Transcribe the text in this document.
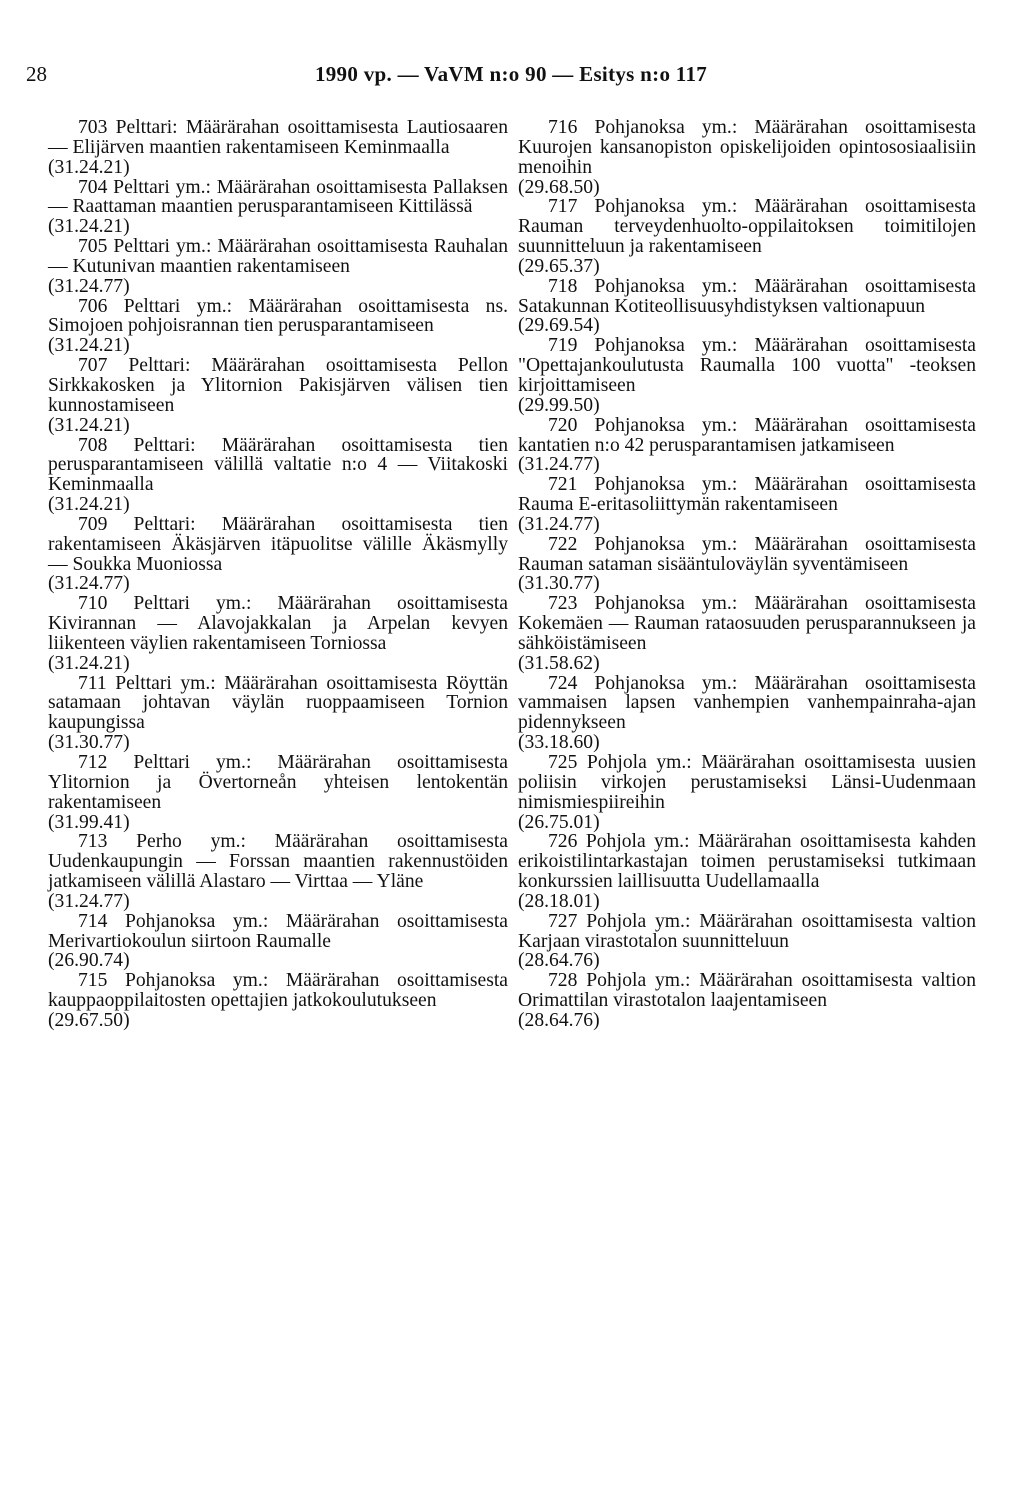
28	1990 vp. — VaVM n:o 90 — Esitys n:o 117

703 Pelttari: Määrärahan osoittamisesta Lautiosaaren — Elijärven maantien rakentamiseen Keminmaalla

(31.24.21)

704 Pelttari ym.: Määrärahan osoittamisesta Pallaksen — Raattaman maantien perusparantamiseen Kittilässä

(31.24.21)

705 Pelttari ym.: Määrärahan osoittamisesta Rauhalan — Kutunivan maantien rakentamiseen

(31.24.77)

706 Pelttari ym.: Määrärahan osoittamisesta ns. Simojoen pohjoisrannan tien perusparantamiseen

(31.24.21)

707 Pelttari: Määrärahan osoittamisesta Pellon Sirkkakosken ja Ylitornion Pakisjärven välisen tien kunnostamiseen

(31.24.21)

708 Pelttari: Määrärahan osoittamisesta tien perusparantamiseen välillä valtatie n:o 4 — Viitakoski Keminmaalla

(31.24.21)

709 Pelttari: Määrärahan osoittamisesta tien rakentamiseen Äkäsjärven itäpuolitse välille Äkäsmylly — Soukka Muoniossa

(31.24.77)

710 Pelttari ym.: Määrärahan osoittamisesta Kivirannan — Alavojakkalan ja Arpelan kevyen liikenteen väylien rakentamiseen Torniossa

(31.24.21)

711 Pelttari ym.: Määrärahan osoittamisesta Röyttän satamaan johtavan väylän ruoppaamiseen Tornion kaupungissa

(31.30.77)

712 Pelttari ym.: Määrärahan osoittamisesta Ylitornion ja Övertorneån yhteisen lentokentän rakentamiseen

(31.99.41)

713 Perho ym.: Määrärahan osoittamisesta Uudenkaupungin — Forssan maantien rakennustöiden jatkamiseen välillä Alastaro — Virttaa — Yläne

(31.24.77)

714 Pohjanoksa ym.: Määrärahan osoittamisesta Merivartiokoulun siirtoon Raumalle

(26.90.74)

715 Pohjanoksa ym.: Määrärahan osoittamisesta kauppaoppilaitosten opettajien jatkokoulutukseen

(29.67.50)

716 Pohjanoksa ym.: Määrärahan osoittamisesta Kuurojen kansanopiston opiskelijoiden opintososiaalisiin menoihin

(29.68.50)

717 Pohjanoksa ym.: Määrärahan osoittamisesta Rauman terveydenhuolto-oppilaitoksen toimitilojen suunnitteluun ja rakentamiseen

(29.65.37)

718 Pohjanoksa ym.: Määrärahan osoittamisesta Satakunnan Kotiteollisuusyhdistyksen valtionapuun

(29.69.54)

719 Pohjanoksa ym.: Määrärahan osoittamisesta "Opettajankoulutusta Raumalla 100 vuotta" -teoksen kirjoittamiseen

(29.99.50)

720 Pohjanoksa ym.: Määrärahan osoittamisesta kantatien n:o 42 perusparantamisen jatkamiseen

(31.24.77)

721 Pohjanoksa ym.: Määrärahan osoittamisesta Rauma E-eritasoliittymän rakentamiseen

(31.24.77)

722 Pohjanoksa ym.: Määrärahan osoittamisesta Rauman sataman sisääntuloväylän syventämiseen

(31.30.77)

723 Pohjanoksa ym.: Määrärahan osoittamisesta Kokemäen — Rauman rataosuuden perusparannukseen ja sähköistämiseen

(31.58.62)

724 Pohjanoksa ym.: Määrärahan osoittamisesta vammaisen lapsen vanhempien vanhempainraha-ajan pidennykseen

(33.18.60)

725 Pohjola ym.: Määrärahan osoittamisesta uusien poliisin virkojen perustamiseksi Länsi-Uudenmaan nimismiespiireihin

(26.75.01)

726 Pohjola ym.: Määrärahan osoittamisesta kahden erikoistilintarkastajan toimen perustamiseksi tutkimaan konkurssien laillisuutta Uudellamaalla

(28.18.01)

727 Pohjola ym.: Määrärahan osoittamisesta valtion Karjaan virastotalon suunnitteluun

(28.64.76)

728 Pohjola ym.: Määrärahan osoittamisesta valtion Orimattilan virastotalon laajentamiseen

(28.64.76)
